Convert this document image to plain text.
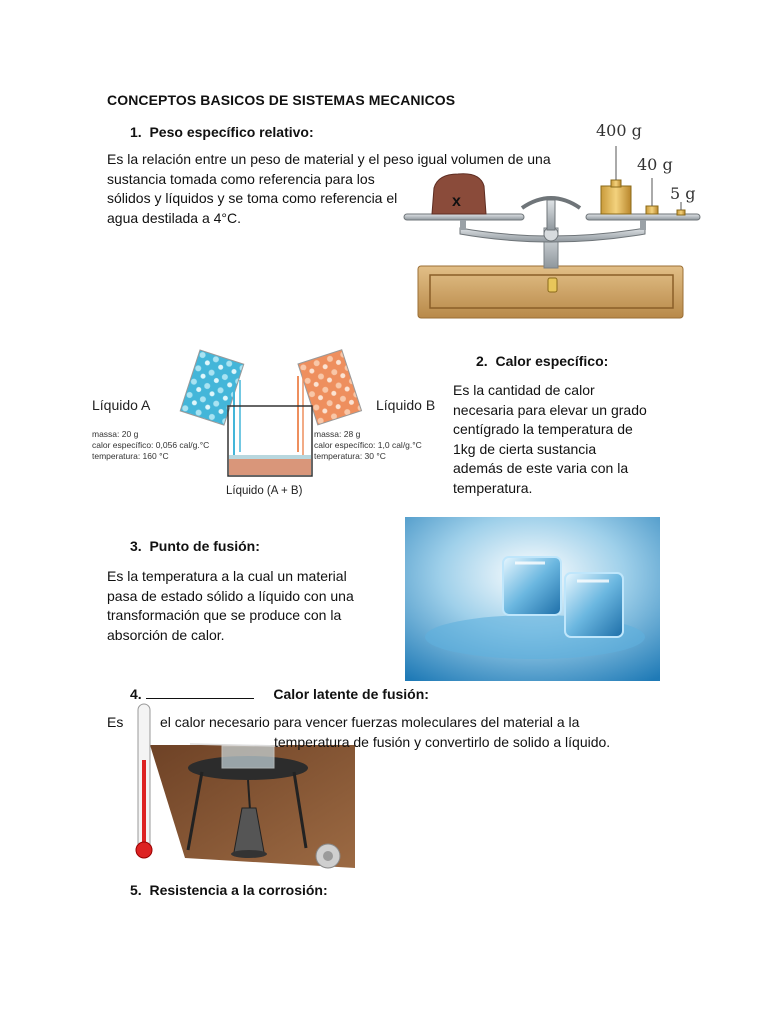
CONCEPTOS BASICOS DE SISTEMAS MECANICOS
1. Peso específico relativo:
Es la relación entre un peso de material y el peso igual volumen de una
sustancia tomada como referencia para los
sólidos y líquidos y se toma como referencia el
agua destilada a 4°C.
x
400 g
40 g
5 g
Líquido A
massa: 20 g
calor específico: 0,056 cal/g.°C
temperatura: 160 °C
Líquido B
massa: 28 g
calor específico: 1,0 cal/g.°C
temperatura: 30 °C
Líquido (A + B)
2. Calor específico:
Es la cantidad de calor
necesaria para elevar un grado
centígrado la temperatura de
1kg de cierta sustancia
además de este varia con la
temperatura.
3. Punto de fusión:
Es la temperatura a la cual un material
pasa de estado sólido a líquido con una
transformación que se produce con la
absorción de calor.
4.	Calor latente de fusión:
Es	el calor necesario para vencer fuerzas moleculares del material a la
temperatura de fusión y convertirlo de solido a líquido.
5. Resistencia a la corrosión:
